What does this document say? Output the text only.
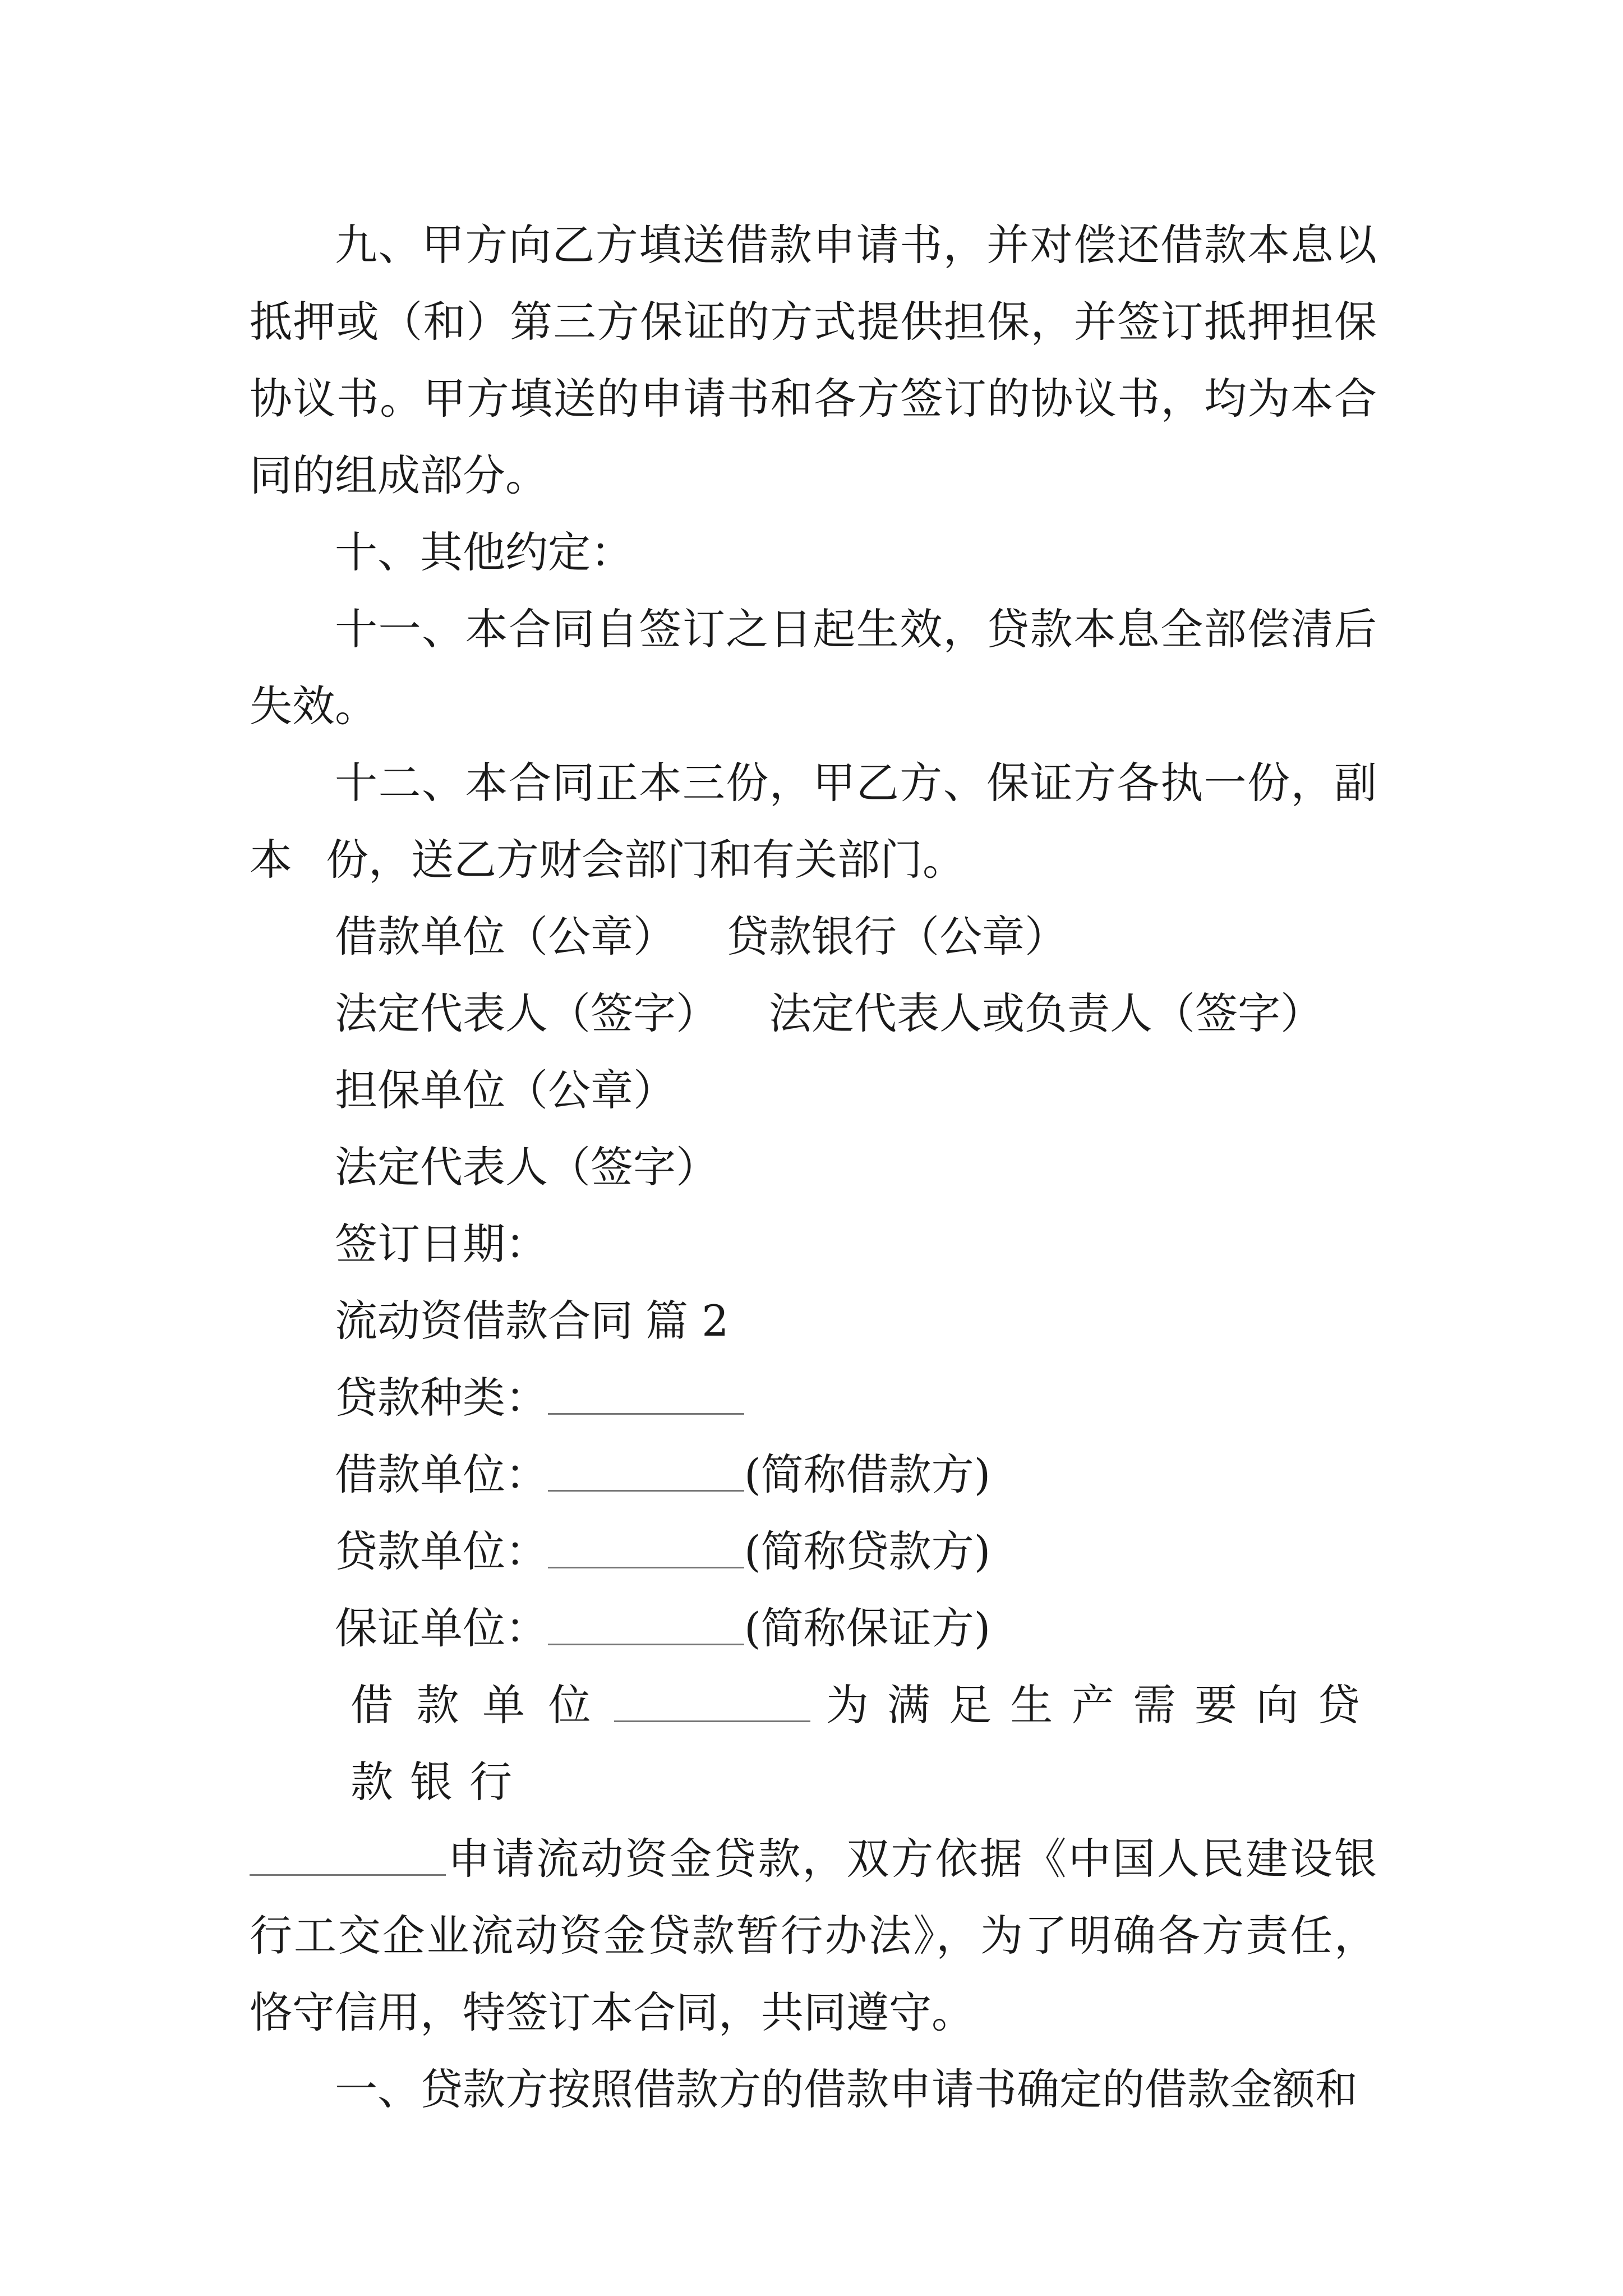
九、甲方向乙方填送借款申请书，并对偿还借款本息以抵押或（和）第三方保证的方式提供担保，并签订抵押担保协议书。甲方填送的申请书和各方签订的协议书，均为本合同的组成部分。

十、其他约定：

十一、本合同自签订之日起生效，贷款本息全部偿清后失效。

十二、本合同正本三份，甲乙方、保证方各执一份，副本 份，送乙方财会部门和有关部门。

借款单位（公章） 贷款银行（公章）

法定代表人（签字） 法定代表人或负责人（签字）

担保单位（公章）

法定代表人（签字）

签订日期：

流动资借款合同 篇 2

贷款种类：

借款单位：	(简称借款方)

贷款单位：	(简称贷款方)

保证单位：	(简称保证方)

借款单位	为满足生产需要向贷款银行

申请流动资金贷款，双方依据《中国人民建设银行工交企业流动资金贷款暂行办法》，为了明确各方责任，恪守信用，特签订本合同，共同遵守。

一、贷款方按照借款方的借款申请书确定的借款金额和
